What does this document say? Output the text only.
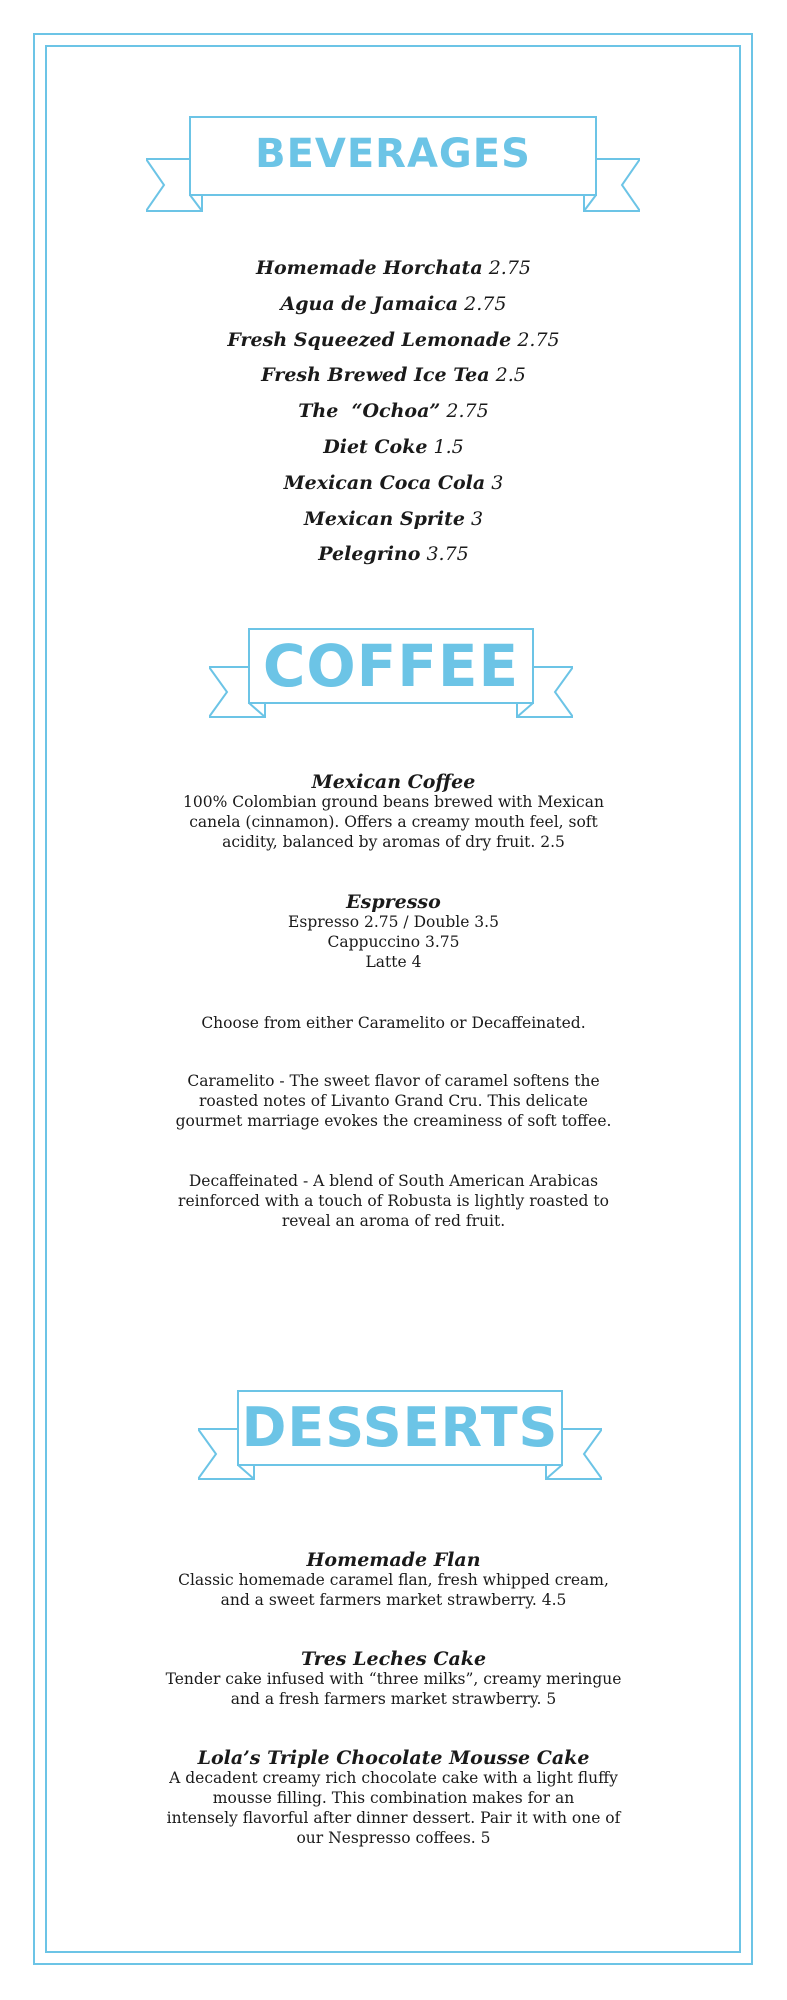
BEVERAGES
Homemade Horchata 2.75
Agua de Jamaica 2.75
Fresh Squeezed Lemonade 2.75
Fresh Brewed Ice Tea 2.5
The  “Ochoa” 2.75
Diet Coke 1.5
Mexican Coca Cola 3
Mexican Sprite 3
Pelegrino 3.75
COFFEE
Mexican Coffee
100% Colombian ground beans brewed with Mexican
canela (cinnamon). Offers a creamy mouth feel, soft
acidity, balanced by aromas of dry fruit. 2.5
Espresso
Espresso 2.75 / Double 3.5
Cappuccino 3.75
Latte 4
Choose from either Caramelito or Decaffeinated.
Caramelito - The sweet flavor of caramel softens the
roasted notes of Livanto Grand Cru. This delicate
gourmet marriage evokes the creaminess of soft toffee.
Decaffeinated - A blend of South American Arabicas
reinforced with a touch of Robusta is lightly roasted to
reveal an aroma of red fruit.
DESSERTS
Homemade Flan
Classic homemade caramel flan, fresh whipped cream,
and a sweet farmers market strawberry. 4.5
Tres Leches Cake
Tender cake infused with “three milks”, creamy meringue
and a fresh farmers market strawberry. 5
Lola’s Triple Chocolate Mousse Cake
A decadent creamy rich chocolate cake with a light fluffy
mousse filling. This combination makes for an
intensely flavorful after dinner dessert. Pair it with one of
our Nespresso coffees. 5
